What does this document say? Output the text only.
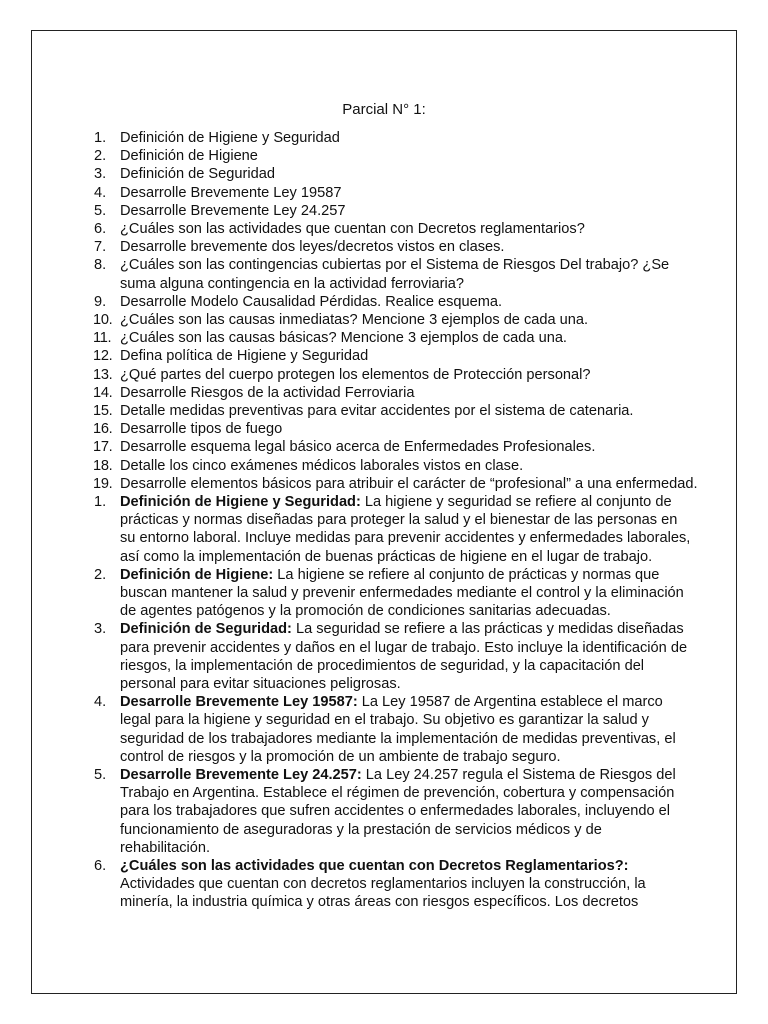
Parcial N° 1:
1. Definición de Higiene y Seguridad
2. Definición de Higiene
3. Definición de Seguridad
4. Desarrolle Brevemente Ley 19587
5. Desarrolle Brevemente Ley 24.257
6. ¿Cuáles son las actividades que cuentan con Decretos reglamentarios?
7. Desarrolle brevemente dos leyes/decretos vistos en clases.
8. ¿Cuáles son las contingencias cubiertas por el Sistema de Riesgos Del trabajo? ¿Se suma alguna contingencia en la actividad ferroviaria?
9. Desarrolle Modelo Causalidad Pérdidas. Realice esquema.
10. ¿Cuáles son las causas inmediatas? Mencione 3 ejemplos de cada una.
11. ¿Cuáles son las causas básicas? Mencione 3 ejemplos de cada una.
12. Defina política de Higiene y Seguridad
13. ¿Qué partes del cuerpo protegen los elementos de Protección personal?
14. Desarrolle Riesgos de la actividad Ferroviaria
15. Detalle medidas preventivas para evitar accidentes por el sistema de catenaria.
16. Desarrolle tipos de fuego
17. Desarrolle esquema legal básico acerca de Enfermedades Profesionales.
18. Detalle los cinco exámenes médicos laborales vistos en clase.
19. Desarrolle elementos básicos para atribuir el carácter de “profesional” a una enfermedad.
1. Definición de Higiene y Seguridad: La higiene y seguridad se refiere al conjunto de prácticas y normas diseñadas para proteger la salud y el bienestar de las personas en su entorno laboral. Incluye medidas para prevenir accidentes y enfermedades laborales, así como la implementación de buenas prácticas de higiene en el lugar de trabajo.
2. Definición de Higiene: La higiene se refiere al conjunto de prácticas y normas que buscan mantener la salud y prevenir enfermedades mediante el control y la eliminación de agentes patógenos y la promoción de condiciones sanitarias adecuadas.
3. Definición de Seguridad: La seguridad se refiere a las prácticas y medidas diseñadas para prevenir accidentes y daños en el lugar de trabajo. Esto incluye la identificación de riesgos, la implementación de procedimientos de seguridad, y la capacitación del personal para evitar situaciones peligrosas.
4. Desarrolle Brevemente Ley 19587: La Ley 19587 de Argentina establece el marco legal para la higiene y seguridad en el trabajo. Su objetivo es garantizar la salud y seguridad de los trabajadores mediante la implementación de medidas preventivas, el control de riesgos y la promoción de un ambiente de trabajo seguro.
5. Desarrolle Brevemente Ley 24.257: La Ley 24.257 regula el Sistema de Riesgos del Trabajo en Argentina. Establece el régimen de prevención, cobertura y compensación para los trabajadores que sufren accidentes o enfermedades laborales, incluyendo el funcionamiento de aseguradoras y la prestación de servicios médicos y de rehabilitación.
6. ¿Cuáles son las actividades que cuentan con Decretos Reglamentarios?: Actividades que cuentan con decretos reglamentarios incluyen la construcción, la minería, la industria química y otras áreas con riesgos específicos. Los decretos
